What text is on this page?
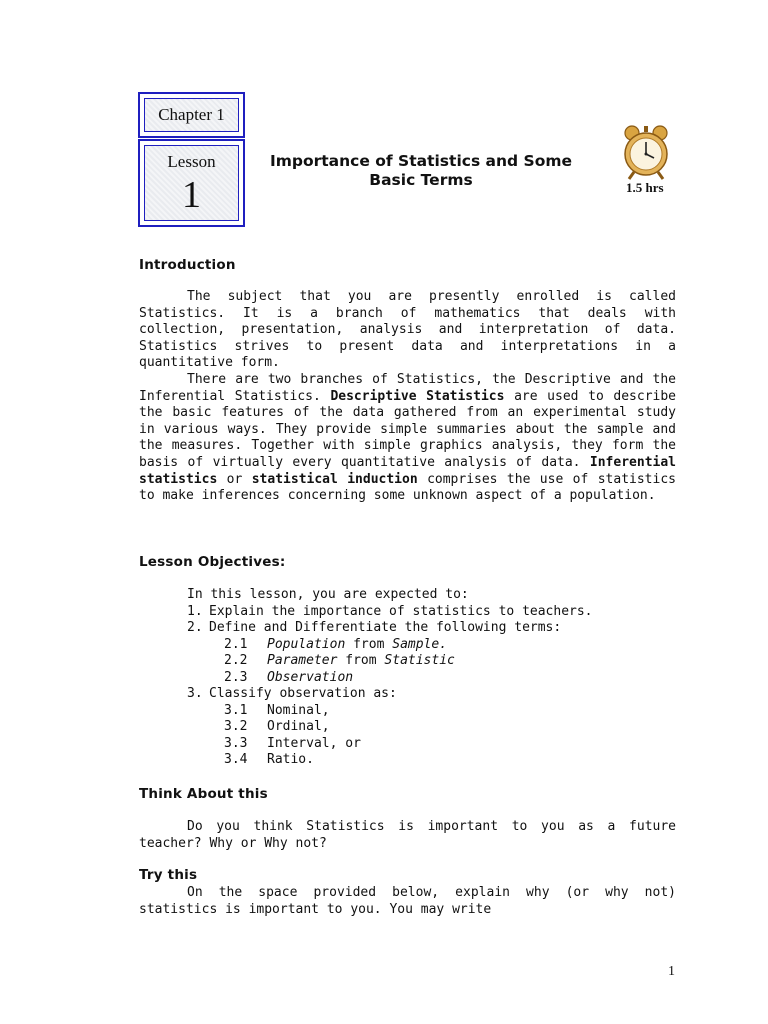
Chapter 1
Lesson
1
Importance of Statistics and Some
Basic Terms	1.5 hrs
Introduction

The subject that you are presently enrolled is called Statistics. It is a branch of mathematics that deals with collection, presentation, analysis and interpretation of data. Statistics strives to present data and interpretations in a quantitative form.

There are two branches of Statistics, the Descriptive and the Inferential Statistics. Descriptive Statistics are used to describe the basic features of the data gathered from an experimental study in various ways. They provide simple summaries about the sample and the measures. Together with simple graphics analysis, they form the basis of virtually every quantitative analysis of data. Inferential statistics or statistical induction comprises the use of statistics to make inferences concerning some unknown aspect of a population.

Lesson Objectives:
In this lesson, you are expected to:
1. Explain the importance of statistics to teachers.
2. Define and Differentiate the following terms:
2.1 Population from Sample.
2.2 Parameter from Statistic
2.3 Observation
3. Classify observation as:
3.1 Nominal,
3.2 Ordinal,
3.3 Interval, or
3.4 Ratio.
Think About this

Do you think Statistics is important to you as a future teacher? Why or Why not?

Try this

On the space provided below, explain why (or why not) statistics is important to you. You may write

1
